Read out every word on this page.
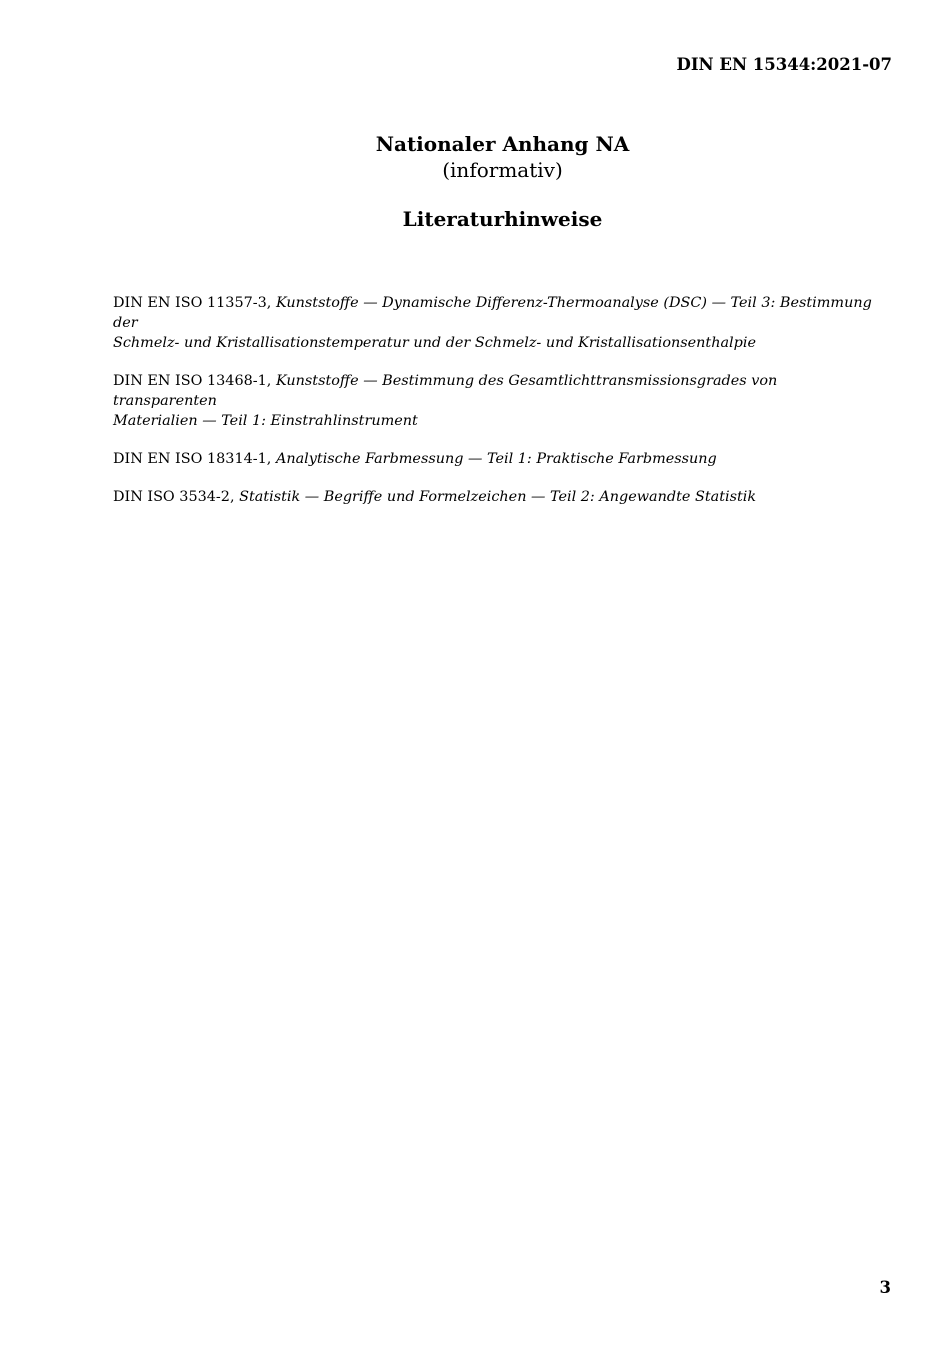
DIN EN 15344:2021-07
Nationaler Anhang NA
(informativ)
Literaturhinweise
DIN EN ISO 11357-3, Kunststoffe — Dynamische Differenz-Thermoanalyse (DSC) — Teil 3: Bestimmung der
Schmelz- und Kristallisationstemperatur und der Schmelz- und Kristallisationsenthalpie
DIN EN ISO 13468-1, Kunststoffe — Bestimmung des Gesamtlichttransmissionsgrades von transparenten
Materialien — Teil 1: Einstrahlinstrument
DIN EN ISO 18314-1, Analytische Farbmessung — Teil 1: Praktische Farbmessung
DIN ISO 3534-2, Statistik — Begriffe und Formelzeichen — Teil 2: Angewandte Statistik
3
